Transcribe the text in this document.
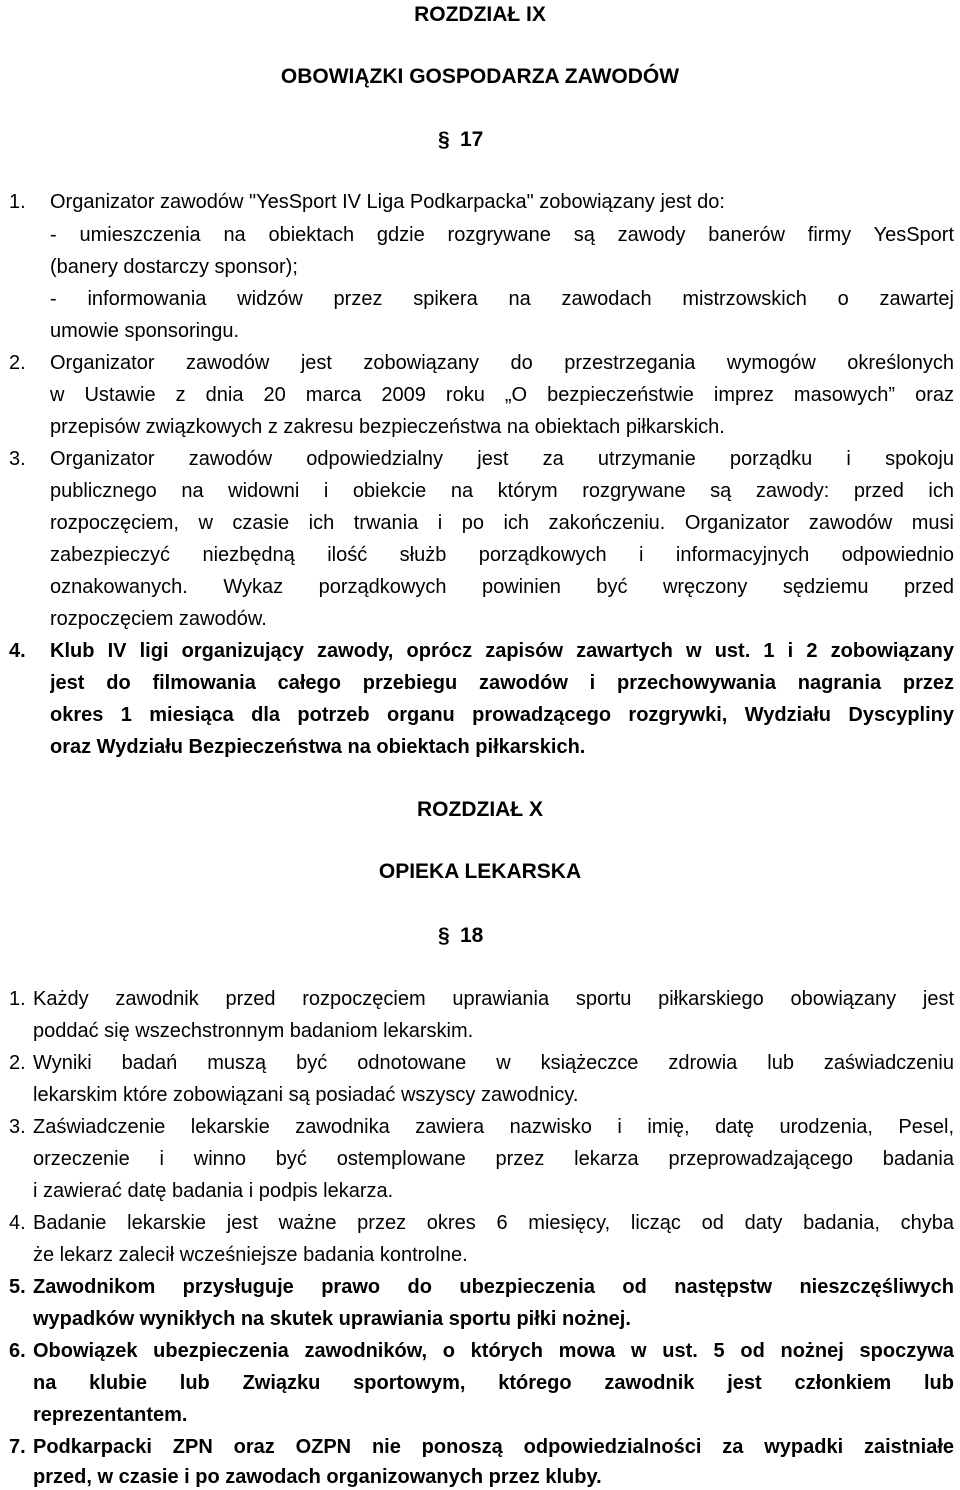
ROZDZIAŁ IX
OBOWIĄZKI GOSPODARZA ZAWODÓW
§ 17
1. Organizator zawodów "YesSport IV Liga Podkarpacka" zobowiązany jest do:
- umieszczenia na obiektach gdzie rozgrywane są zawody banerów firmy YesSport
(banery dostarczy sponsor);
- informowania widzów przez spikera na zawodach mistrzowskich o zawartej
umowie sponsoringu.
2. Organizator zawodów jest zobowiązany do przestrzegania wymogów określonych
w Ustawie z dnia 20 marca 2009 roku „O bezpieczeństwie imprez masowych” oraz
przepisów związkowych z zakresu bezpieczeństwa na obiektach piłkarskich.
3. Organizator zawodów odpowiedzialny jest za utrzymanie porządku i spokoju
publicznego na widowni i obiekcie na którym rozgrywane są zawody: przed ich
rozpoczęciem, w czasie ich trwania i po ich zakończeniu. Organizator zawodów musi
zabezpieczyć niezbędną ilość służb porządkowych i informacyjnych odpowiednio
oznakowanych. Wykaz porządkowych powinien być wręczony sędziemu przed
rozpoczęciem zawodów.
4. Klub IV ligi organizujący zawody, oprócz zapisów zawartych w ust. 1 i 2 zobowiązany
jest do filmowania całego przebiegu zawodów i przechowywania nagrania przez
okres 1 miesiąca dla potrzeb organu prowadzącego rozgrywki, Wydziału Dyscypliny
oraz Wydziału Bezpieczeństwa na obiektach piłkarskich.
ROZDZIAŁ X
OPIEKA LEKARSKA
§ 18
1. Każdy zawodnik przed rozpoczęciem uprawiania sportu piłkarskiego obowiązany jest
poddać się wszechstronnym badaniom lekarskim.
2. Wyniki badań muszą być odnotowane w książeczce zdrowia lub zaświadczeniu
lekarskim które zobowiązani są posiadać wszyscy zawodnicy.
3. Zaświadczenie lekarskie zawodnika zawiera nazwisko i imię, datę urodzenia, Pesel,
orzeczenie i winno być ostemplowane przez lekarza przeprowadzającego badania
i zawierać datę badania i podpis lekarza.
4. Badanie lekarskie jest ważne przez okres 6 miesięcy, licząc od daty badania, chyba
że lekarz zalecił wcześniejsze badania kontrolne.
5. Zawodnikom przysługuje prawo do ubezpieczenia od następstw nieszczęśliwych
wypadków wynikłych na skutek uprawiania sportu piłki nożnej.
6. Obowiązek ubezpieczenia zawodników, o których mowa w ust. 5 od nożnej spoczywa
na klubie lub Związku sportowym, którego zawodnik jest członkiem lub
reprezentantem.
7. Podkarpacki ZPN oraz OZPN nie ponoszą odpowiedzialności za wypadki zaistniałe
przed, w czasie i po zawodach organizowanych przez kluby.
